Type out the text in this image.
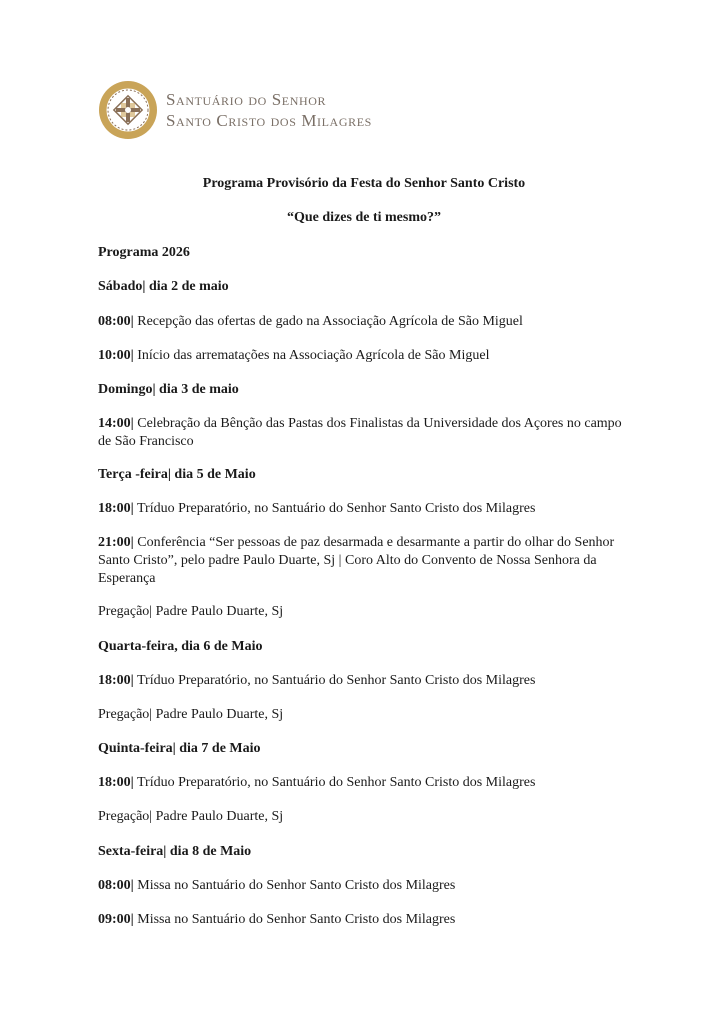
Santuário do Senhor
Santo Cristo dos Milagres
Programa Provisório da Festa do Senhor Santo Cristo
“Que dizes de ti mesmo?”
Programa 2026
Sábado| dia 2 de maio
08:00| Recepção das ofertas de gado na Associação Agrícola de São Miguel
10:00| Início das arrematações na Associação Agrícola de São Miguel
Domingo| dia 3 de maio
14:00| Celebração da Bênção das Pastas dos Finalistas da Universidade dos Açores no campo de São Francisco
Terça -feira| dia 5 de Maio
18:00| Tríduo Preparatório, no Santuário do Senhor Santo Cristo dos Milagres
21:00| Conferência “Ser pessoas de paz desarmada e desarmante a partir do olhar do Senhor Santo Cristo”, pelo padre Paulo Duarte, Sj | Coro Alto do Convento de Nossa Senhora da Esperança
Pregação| Padre Paulo Duarte, Sj
Quarta-feira, dia 6 de Maio
18:00| Tríduo Preparatório, no Santuário do Senhor Santo Cristo dos Milagres
Pregação| Padre Paulo Duarte, Sj
Quinta-feira| dia 7 de Maio
18:00| Tríduo Preparatório, no Santuário do Senhor Santo Cristo dos Milagres
Pregação| Padre Paulo Duarte, Sj
Sexta-feira| dia 8 de Maio
08:00| Missa no Santuário do Senhor Santo Cristo dos Milagres
09:00| Missa no Santuário do Senhor Santo Cristo dos Milagres
